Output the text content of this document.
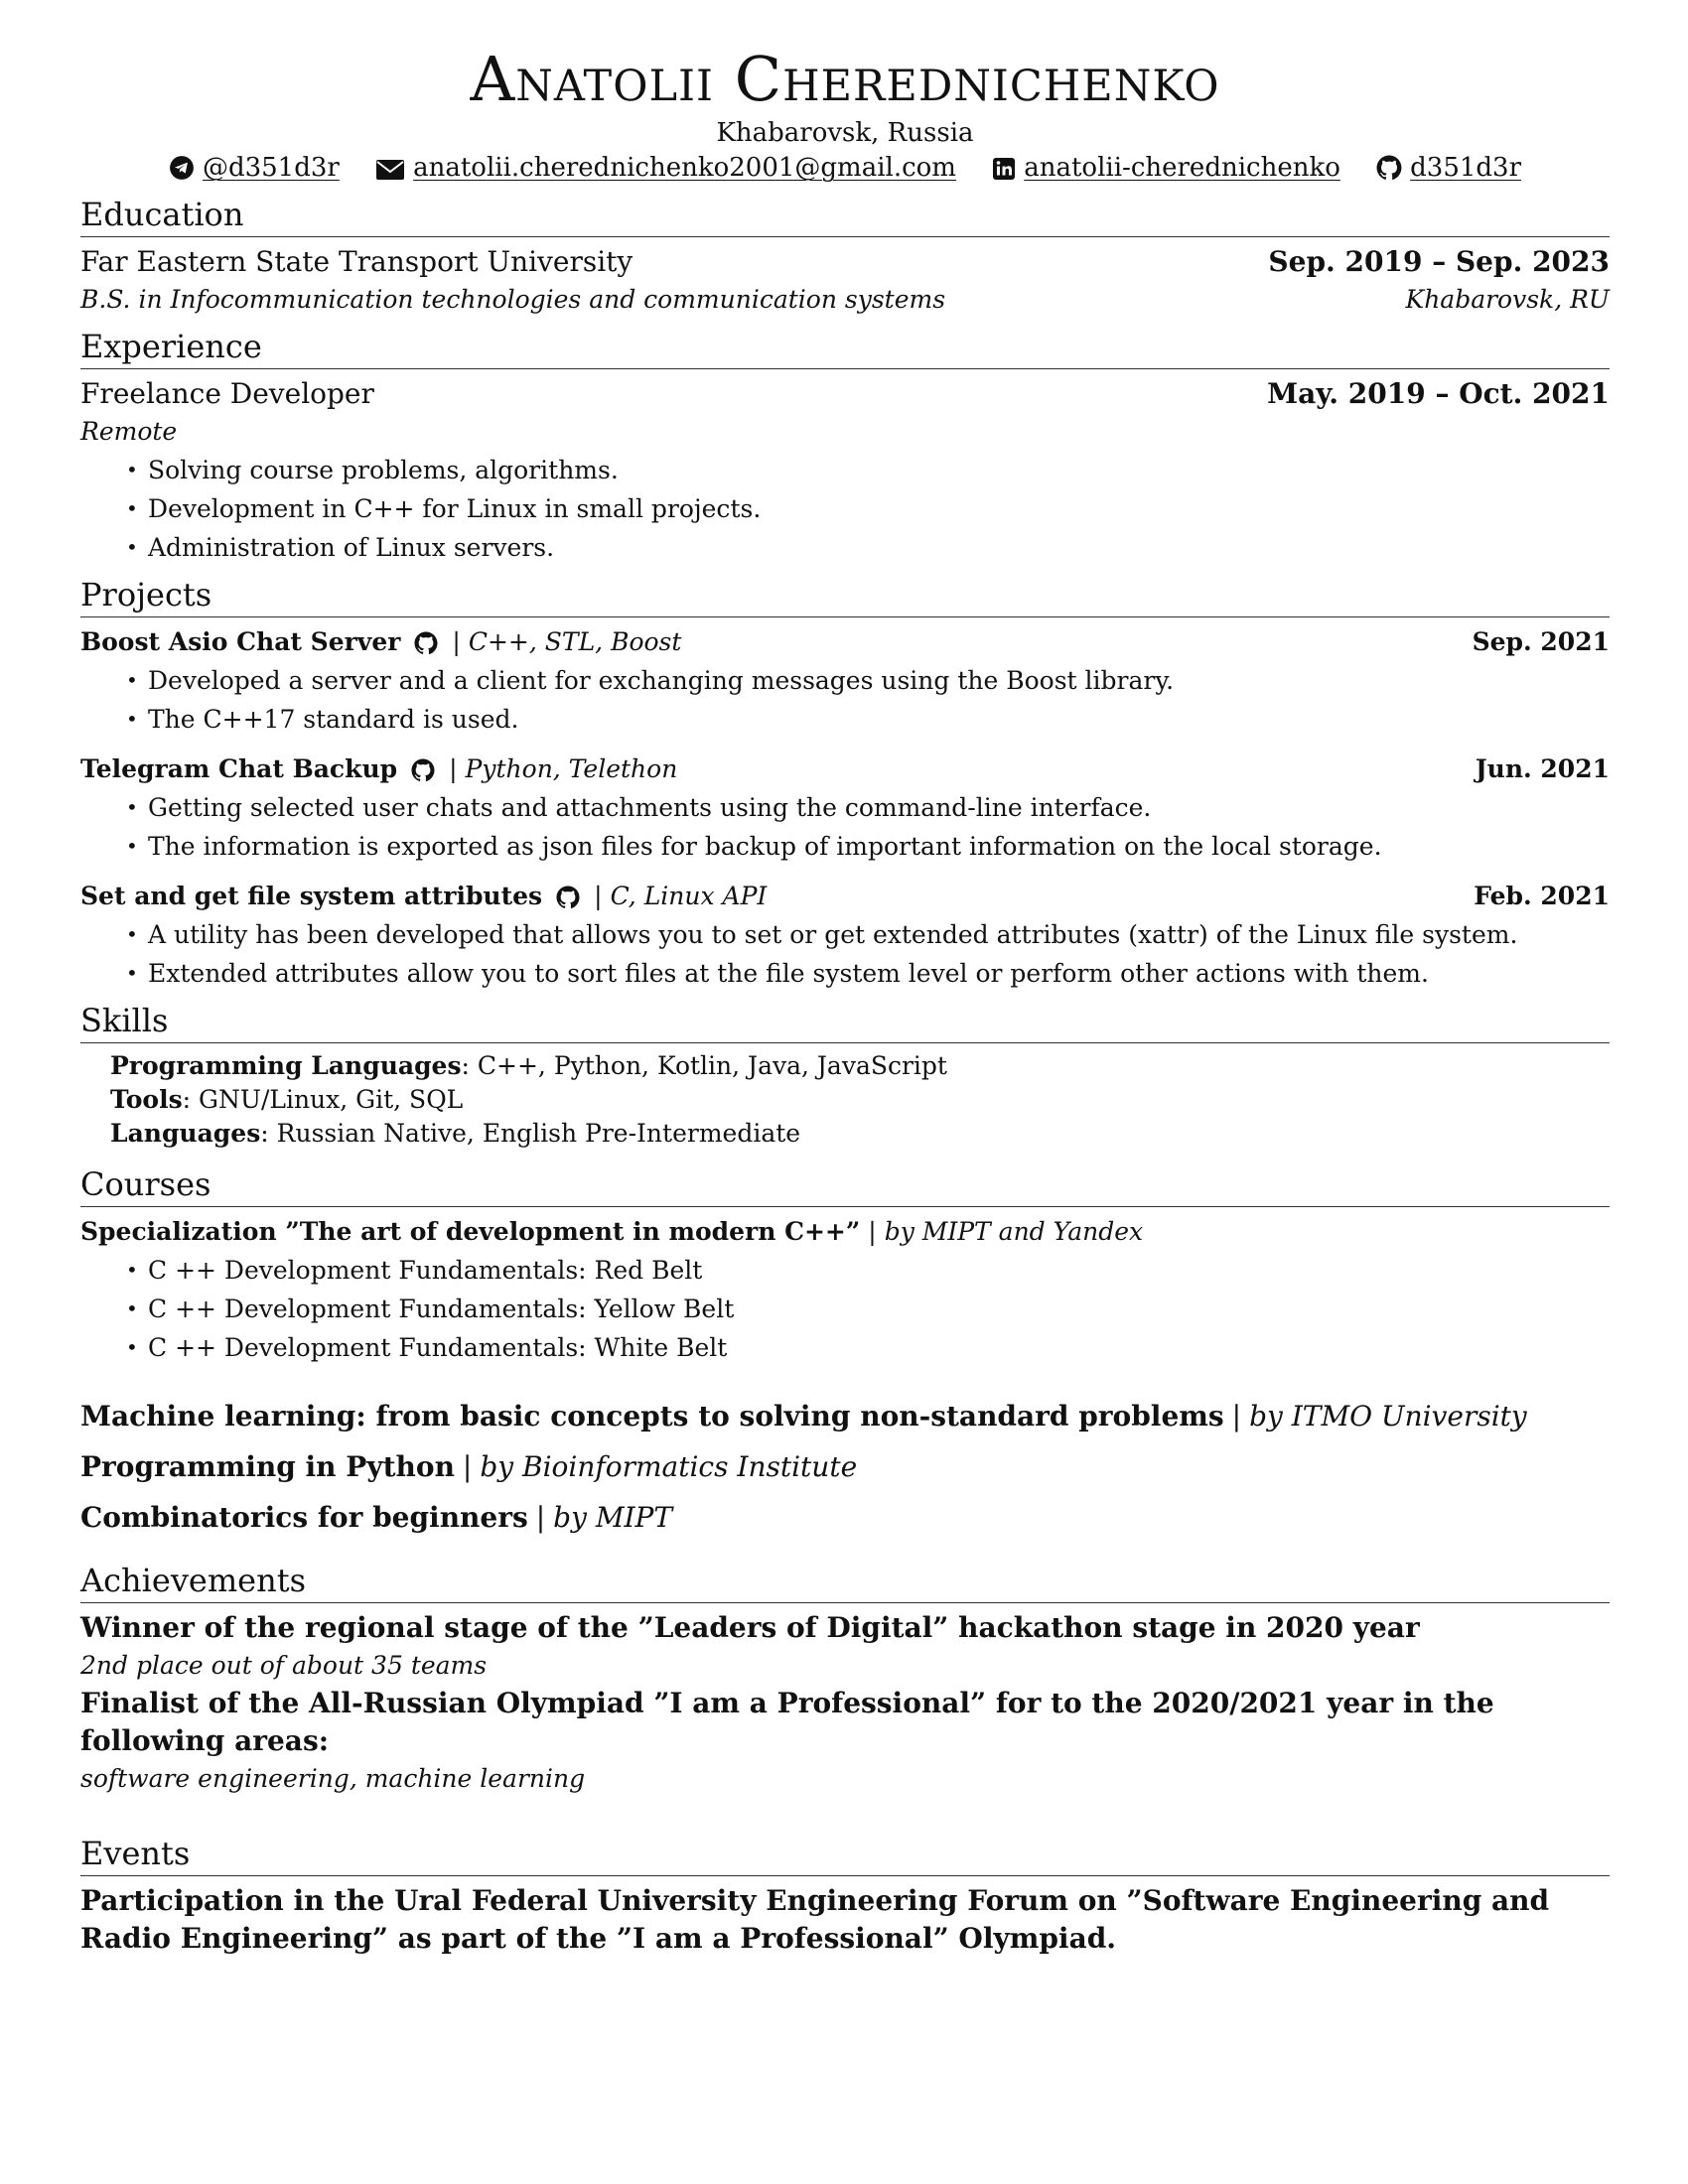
Anatolii Cherednichenko
Khabarovsk, Russia
@d351d3r	anatolii.cherednichenko2001@gmail.com	anatolii-cherednichenko	d351d3r
Education
Far Eastern State Transport University	Sep. 2019 – Sep. 2023
B.S. in Infocommunication technologies and communication systems	Khabarovsk, RU
Experience
Freelance Developer	May. 2019 – Oct. 2021
Remote
• Solving course problems, algorithms.
• Development in C++ for Linux in small projects.
• Administration of Linux servers.
Projects
Boost Asio Chat Server | C++, STL, Boost	Sep. 2021
• Developed a server and a client for exchanging messages using the Boost library.
• The C++17 standard is used.
Telegram Chat Backup | Python, Telethon	Jun. 2021
• Getting selected user chats and attachments using the command-line interface.
• The information is exported as json files for backup of important information on the local storage.
Set and get file system attributes | C, Linux API	Feb. 2021
• A utility has been developed that allows you to set or get extended attributes (xattr) of the Linux file system.
• Extended attributes allow you to sort files at the file system level or perform other actions with them.
Skills
Programming Languages: C++, Python, Kotlin, Java, JavaScript
Tools: GNU/Linux, Git, SQL
Languages: Russian Native, English Pre-Intermediate
Courses
Specialization ”The art of development in modern C++” | by MIPT and Yandex
• C ++ Development Fundamentals: Red Belt
• C ++ Development Fundamentals: Yellow Belt
• C ++ Development Fundamentals: White Belt
Machine learning: from basic concepts to solving non-standard problems | by ITMO University
Programming in Python | by Bioinformatics Institute
Combinatorics for beginners | by MIPT
Achievements
Winner of the regional stage of the ”Leaders of Digital” hackathon stage in 2020 year
2nd place out of about 35 teams
Finalist of the All-Russian Olympiad ”I am a Professional” for to the 2020/2021 year in the following areas:
software engineering, machine learning
Events
Participation in the Ural Federal University Engineering Forum on ”Software Engineering and Radio Engineering” as part of the ”I am a Professional” Olympiad.
